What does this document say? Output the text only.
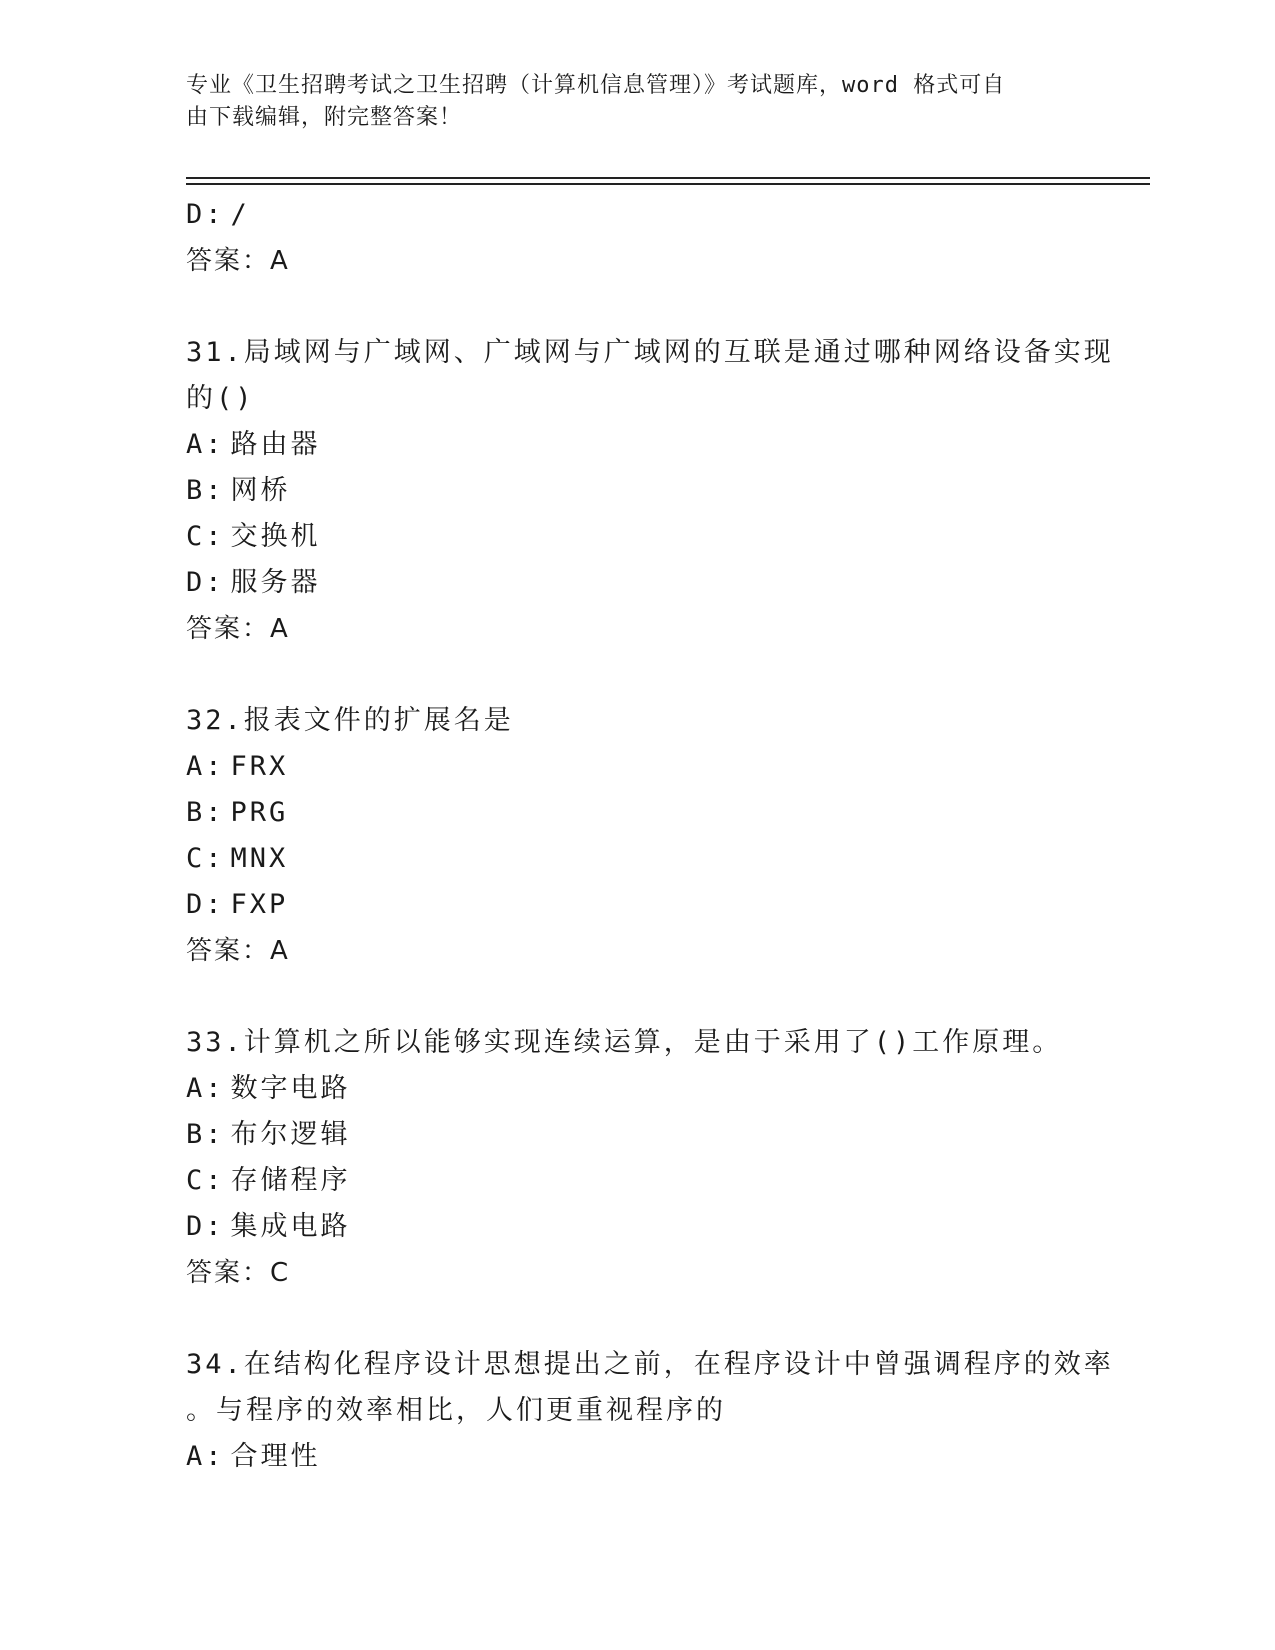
专业《卫生招聘考试之卫生招聘（计算机信息管理）》考试题库，word 格式可自
由下载编辑，附完整答案！
D: /
答案：A
31.局域网与广域网、广域网与广域网的互联是通过哪种网络设备实现
的()
A: 路由器
B: 网桥
C: 交换机
D: 服务器
答案：A
32.报表文件的扩展名是
A: FRX
B: PRG
C: MNX
D: FXP
答案：A
33.计算机之所以能够实现连续运算，是由于采用了()工作原理。
A: 数字电路
B: 布尔逻辑
C: 存储程序
D: 集成电路
答案：C
34.在结构化程序设计思想提出之前，在程序设计中曾强调程序的效率
。与程序的效率相比，人们更重视程序的
A: 合理性
